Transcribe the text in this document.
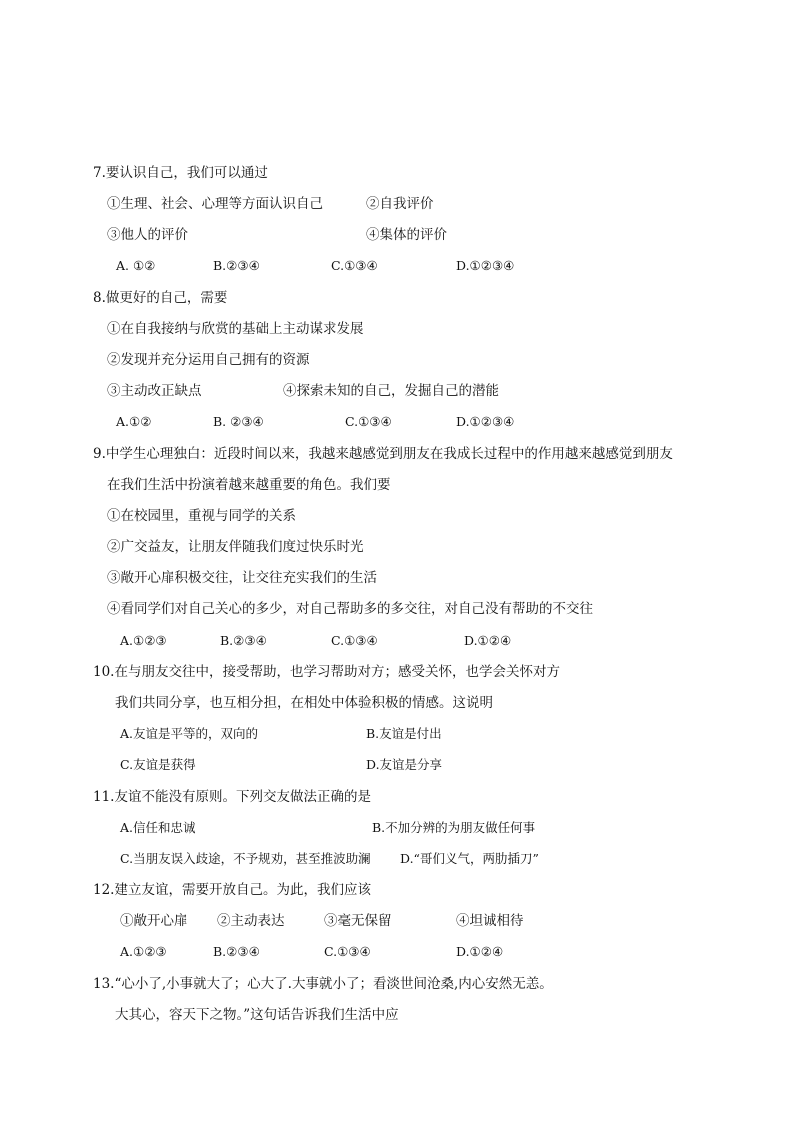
7.要认识自己，我们可以通过
①生理、社会、心理等方面认识自己	②自我评价
③他人的评价	④集体的评价
A. ①②	B.②③④	C.①③④	D.①②③④
8.做更好的自己，需要
①在自我接纳与欣赏的基础上主动谋求发展
②发现并充分运用自己拥有的资源
③主动改正缺点	④探索未知的自己，发掘自己的潜能
A.①②	B. ②③④	C.①③④	D.①②③④
9.中学生心理独白：近段时间以来，我越来越感觉到朋友在我成长过程中的作用越来越感觉到朋友
在我们生活中扮演着越来越重要的角色。我们要
①在校园里，重视与同学的关系
②广交益友，让朋友伴随我们度过快乐时光
③敞开心扉积极交往，让交往充实我们的生活
④看同学们对自己关心的多少，对自己帮助多的多交往，对自己没有帮助的不交往
A.①②③	B.②③④	C.①③④	D.①②④
10.在与朋友交往中，接受帮助，也学习帮助对方；感受关怀，也学会关怀对方
我们共同分享，也互相分担，在相处中体验积极的情感。这说明
A.友谊是平等的，双向的	B.友谊是付出
C.友谊是获得	D.友谊是分享
11.友谊不能没有原则。下列交友做法正确的是
A.信任和忠诚	B.不加分辨的为朋友做任何事
C.当朋友误入歧途，不予规劝，甚至推波助澜 D.“哥们义气，两肋插刀”
12.建立友谊，需要开放自己。为此，我们应该
①敞开心扉 ②主动表达	③毫无保留	④坦诚相待
A.①②③	B.②③④	C.①③④	D.①②④
13.“心小了,小事就大了；心大了.大事就小了；看淡世间沧桑,内心安然无恙。
大其心，容天下之物。”这句话告诉我们生活中应
